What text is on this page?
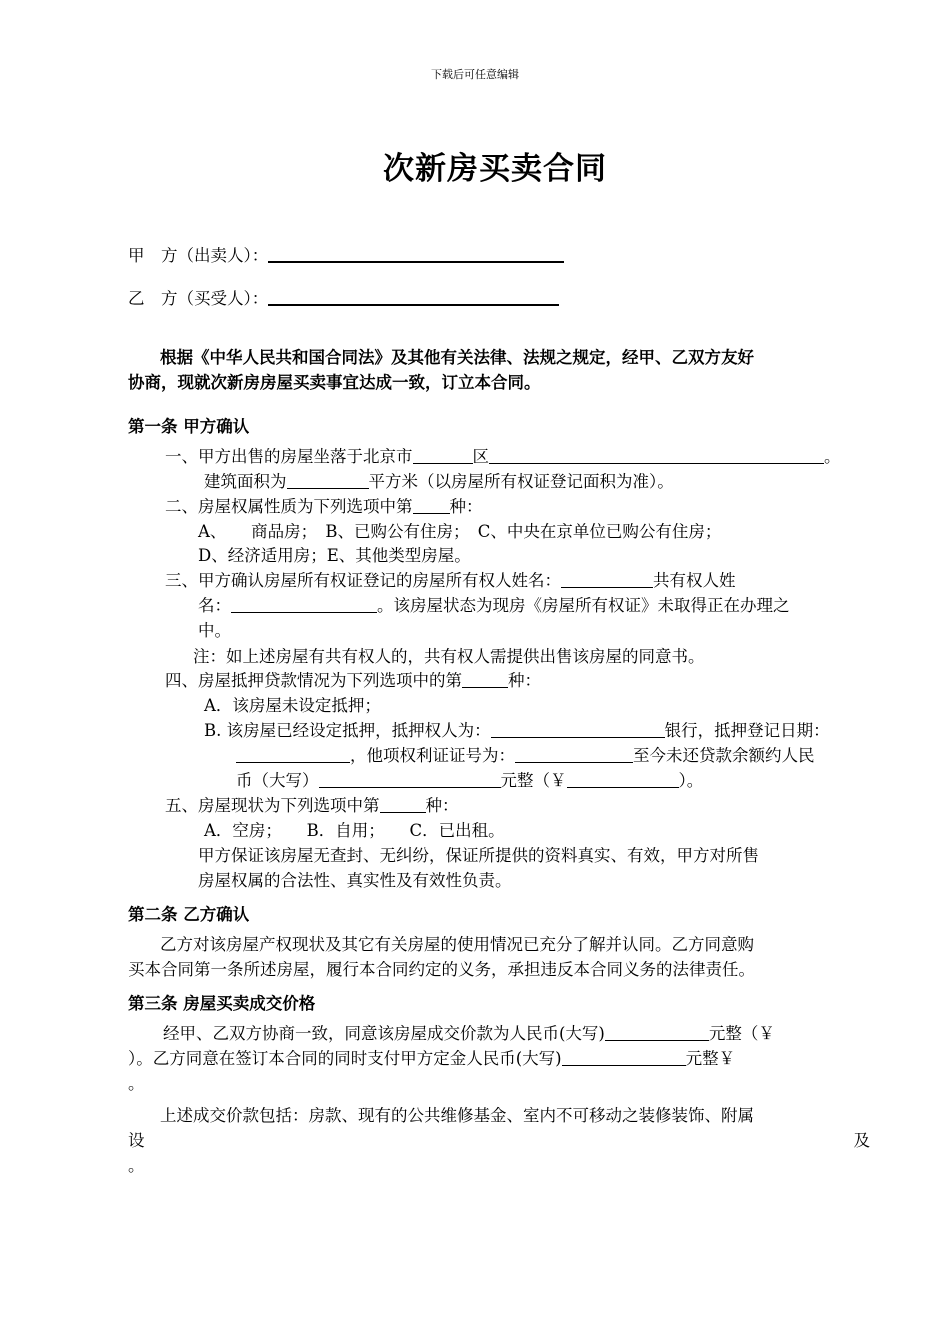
下载后可任意编辑
次新房买卖合同
甲　方（出卖人）：
乙　方（买受人）：
根据《中华人民共和国合同法》及其他有关法律、法规之规定，经甲、乙双方友好
协商，现就次新房房屋买卖事宜达成一致，订立本合同。
第一条 甲方确认
一、甲方出售的房屋坐落于北京市	区	。
建筑面积为	平方米（以房屋所有权证登记面积为准）。
二、房屋权属性质为下列选项中第 种：
A、　　商品房；　B、已购公有住房；　C、中央在京单位已购公有住房；
D、经济适用房；E、其他类型房屋。
三、甲方确认房屋所有权证登记的房屋所有权人姓名：	共有权人姓
名：	。该房屋状态为现房《房屋所有权证》未取得正在办理之
中。
注：如上述房屋有共有权人的，共有权人需提供出售该房屋的同意书。
四、房屋抵押贷款情况为下列选项中的第	种：
A．该房屋未设定抵押；
B. 该房屋已经设定抵押，抵押权人为：	银行，抵押登记日期：
，他项权利证证号为：	至今未还贷款余额约人民
币（大写）	元整（￥	）。
五、房屋现状为下列选项中第	种：
A．空房；　　B．自用；　　C．已出租。
甲方保证该房屋无查封、无纠纷，保证所提供的资料真实、有效，甲方对所售
房屋权属的合法性、真实性及有效性负责。
第二条 乙方确认
乙方对该房屋产权现状及其它有关房屋的使用情况已充分了解并认同。乙方同意购
买本合同第一条所述房屋，履行本合同约定的义务，承担违反本合同义务的法律责任。
第三条 房屋买卖成交价格
经甲、乙双方协商一致，同意该房屋成交价款为人民币(大写)	元整（￥
）。乙方同意在签订本合同的同时支付甲方定金人民币(大写)	元整￥
。
上述成交价款包括：房款、现有的公共维修基金、室内不可移动之装修装饰、附属
设	及
。
